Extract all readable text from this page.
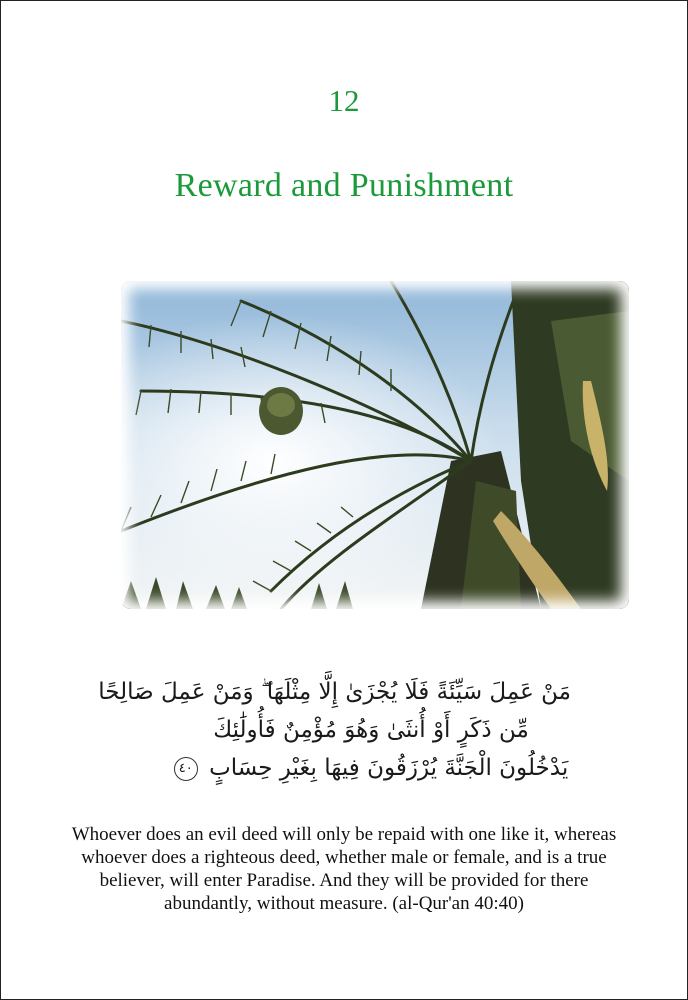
12
Reward and Punishment
مَنْ عَمِلَ سَيِّئَةً فَلَا يُجْزَىٰ إِلَّا مِثْلَهَا ۖ وَمَنْ عَمِلَ صَالِحًا
مِّن ذَكَرٍ أَوْ أُنثَىٰ وَهُوَ مُؤْمِنٌ فَأُولَٰئِكَ
يَدْخُلُونَ الْجَنَّةَ يُرْزَقُونَ فِيهَا بِغَيْرِ حِسَابٍ ٤٠
Whoever does an evil deed will only be repaid with one like it, whereas whoever does a righteous deed, whether male or female, and is a true believer, will enter Paradise. And they will be provided for there abundantly, without measure. (al-Qur'an 40:40)
